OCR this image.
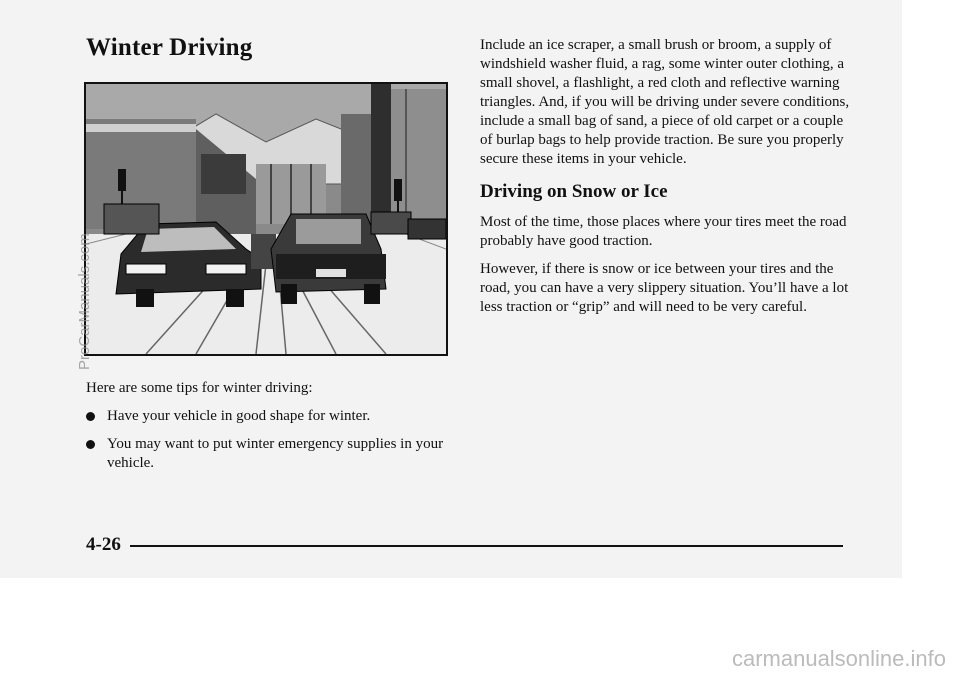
Winter Driving

Here are some tips for winter driving:

Have your vehicle in good shape for winter.
You may want to put winter emergency supplies in your vehicle.

Include an ice scraper, a small brush or broom, a supply of windshield washer fluid, a rag, some winter outer clothing, a small shovel, a flashlight, a red cloth and reflective warning triangles. And, if you will be driving under severe conditions, include a small bag of sand, a piece of old carpet or a couple of burlap bags to help provide traction. Be sure you properly secure these items in your vehicle.

Driving on Snow or Ice

Most of the time, those places where your tires meet the road probably have good traction.

However, if there is snow or ice between your tires and the road, you can have a very slippery situation. You’ll have a lot less traction or “grip” and will need to be very careful.

4-26
ProCarManuals.com
carmanualsonline.info
